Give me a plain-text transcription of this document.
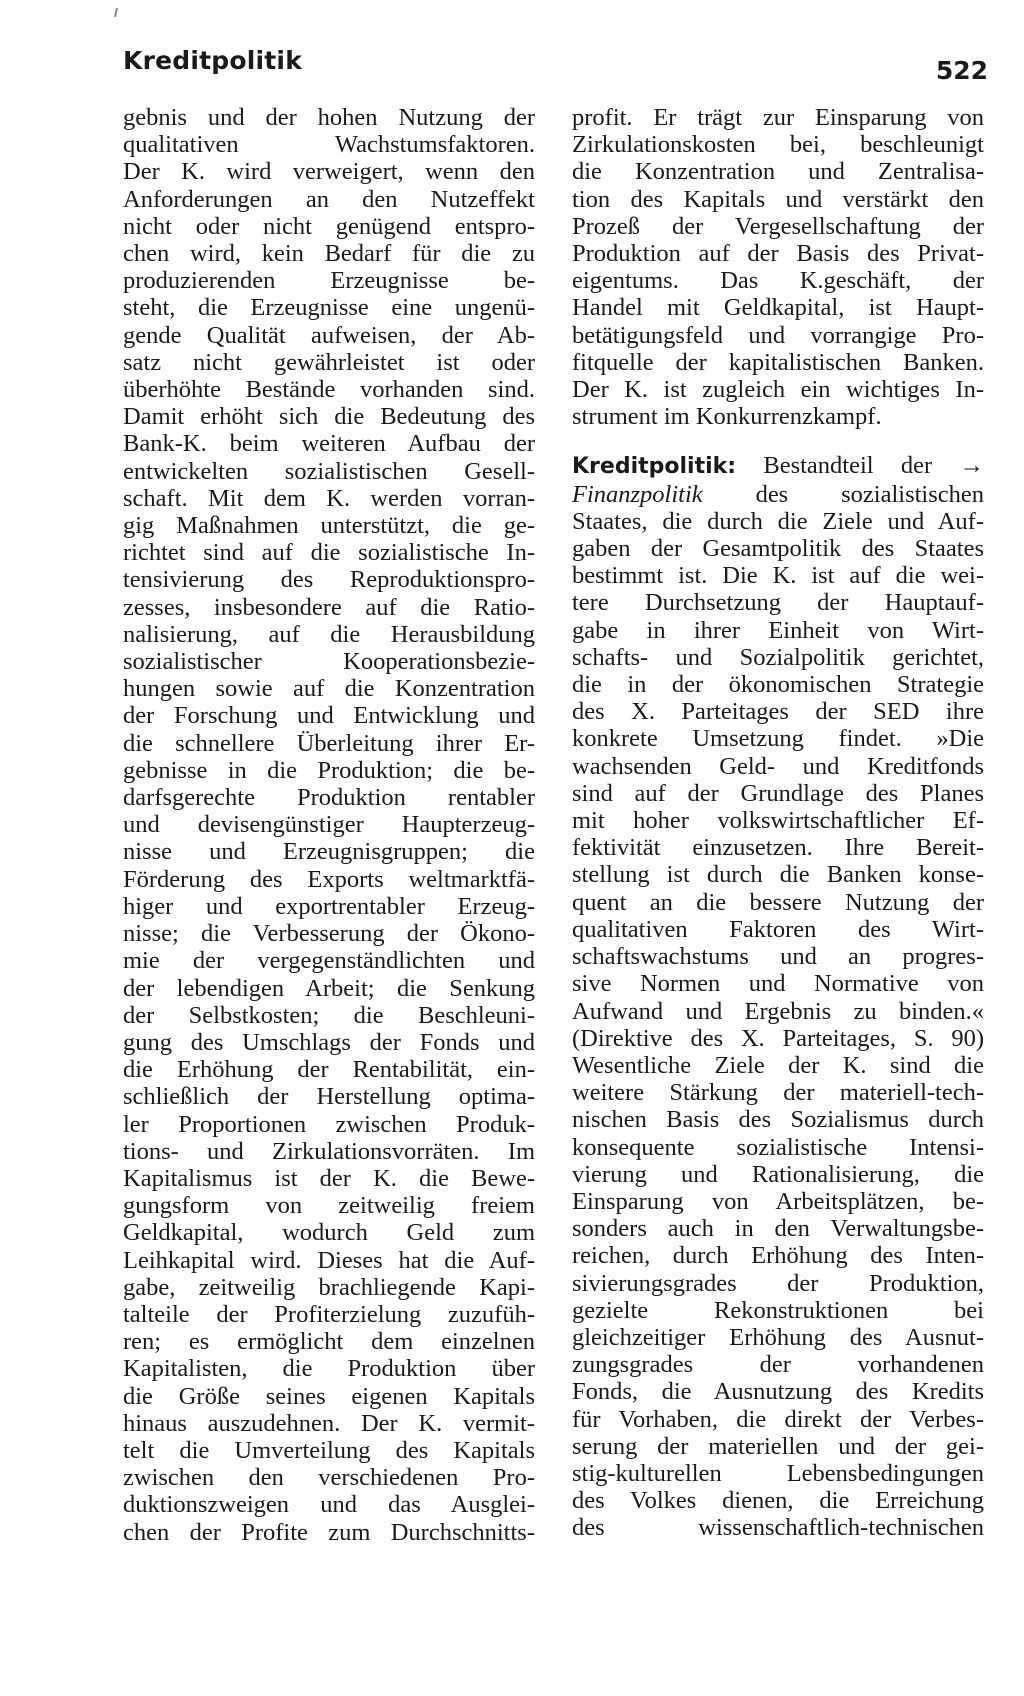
Kreditpolitik	522
gebnis und der hohen Nutzung der
qualitativen Wachstumsfaktoren.
Der K. wird verweigert, wenn den
Anforderungen an den Nutzeffekt
nicht oder nicht genügend entspro-
chen wird, kein Bedarf für die zu
produzierenden Erzeugnisse be-
steht, die Erzeugnisse eine ungenü-
gende Qualität aufweisen, der Ab-
satz nicht gewährleistet ist oder
überhöhte Bestände vorhanden sind.
Damit erhöht sich die Bedeutung des
Bank-K. beim weiteren Aufbau der
entwickelten sozialistischen Gesell-
schaft. Mit dem K. werden vorran-
gig Maßnahmen unterstützt, die ge-
richtet sind auf die sozialistische In-
tensivierung des Reproduktionspro-
zesses, insbesondere auf die Ratio-
nalisierung, auf die Herausbildung
sozialistischer Kooperationsbezie-
hungen sowie auf die Konzentration
der Forschung und Entwicklung und
die schnellere Überleitung ihrer Er-
gebnisse in die Produktion; die be-
darfsgerechte Produktion rentabler
und devisengünstiger Haupterzeug-
nisse und Erzeugnisgruppen; die
Förderung des Exports weltmarktfä-
higer und exportrentabler Erzeug-
nisse; die Verbesserung der Ökono-
mie der vergegenständlichten und
der lebendigen Arbeit; die Senkung
der Selbstkosten; die Beschleuni-
gung des Umschlags der Fonds und
die Erhöhung der Rentabilität, ein-
schließlich der Herstellung optima-
ler Proportionen zwischen Produk-
tions- und Zirkulationsvorräten. Im
Kapitalismus ist der K. die Bewe-
gungsform von zeitweilig freiem
Geldkapital, wodurch Geld zum
Leihkapital wird. Dieses hat die Auf-
gabe, zeitweilig brachliegende Kapi-
talteile der Profiterzielung zuzufüh-
ren; es ermöglicht dem einzelnen
Kapitalisten, die Produktion über
die Größe seines eigenen Kapitals
hinaus auszudehnen. Der K. vermit-
telt die Umverteilung des Kapitals
zwischen den verschiedenen Pro-
duktionszweigen und das Ausglei-
chen der Profite zum Durchschnitts-
profit. Er trägt zur Einsparung von
Zirkulationskosten bei, beschleunigt
die Konzentration und Zentralisa-
tion des Kapitals und verstärkt den
Prozeß der Vergesellschaftung der
Produktion auf der Basis des Privat-
eigentums. Das K.geschäft, der
Handel mit Geldkapital, ist Haupt-
betätigungsfeld und vorrangige Pro-
fitquelle der kapitalistischen Banken.
Der K. ist zugleich ein wichtiges In-
strument im Konkurrenzkampf.
Kreditpolitik: Bestandteil der →
Finanzpolitik des sozialistischen
Staates, die durch die Ziele und Auf-
gaben der Gesamtpolitik des Staates
bestimmt ist. Die K. ist auf die wei-
tere Durchsetzung der Hauptauf-
gabe in ihrer Einheit von Wirt-
schafts- und Sozialpolitik gerichtet,
die in der ökonomischen Strategie
des X. Parteitages der SED ihre
konkrete Umsetzung findet. »Die
wachsenden Geld- und Kreditfonds
sind auf der Grundlage des Planes
mit hoher volkswirtschaftlicher Ef-
fektivität einzusetzen. Ihre Bereit-
stellung ist durch die Banken konse-
quent an die bessere Nutzung der
qualitativen Faktoren des Wirt-
schaftswachstums und an progres-
sive Normen und Normative von
Aufwand und Ergebnis zu binden.«
(Direktive des X. Parteitages, S. 90)
Wesentliche Ziele der K. sind die
weitere Stärkung der materiell-tech-
nischen Basis des Sozialismus durch
konsequente sozialistische Intensi-
vierung und Rationalisierung, die
Einsparung von Arbeitsplätzen, be-
sonders auch in den Verwaltungsbe-
reichen, durch Erhöhung des Inten-
sivierungsgrades der Produktion,
gezielte Rekonstruktionen bei
gleichzeitiger Erhöhung des Ausnut-
zungsgrades der vorhandenen
Fonds, die Ausnutzung des Kredits
für Vorhaben, die direkt der Verbes-
serung der materiellen und der gei-
stig-kulturellen Lebensbedingungen
des Volkes dienen, die Erreichung
des wissenschaftlich-technischen
